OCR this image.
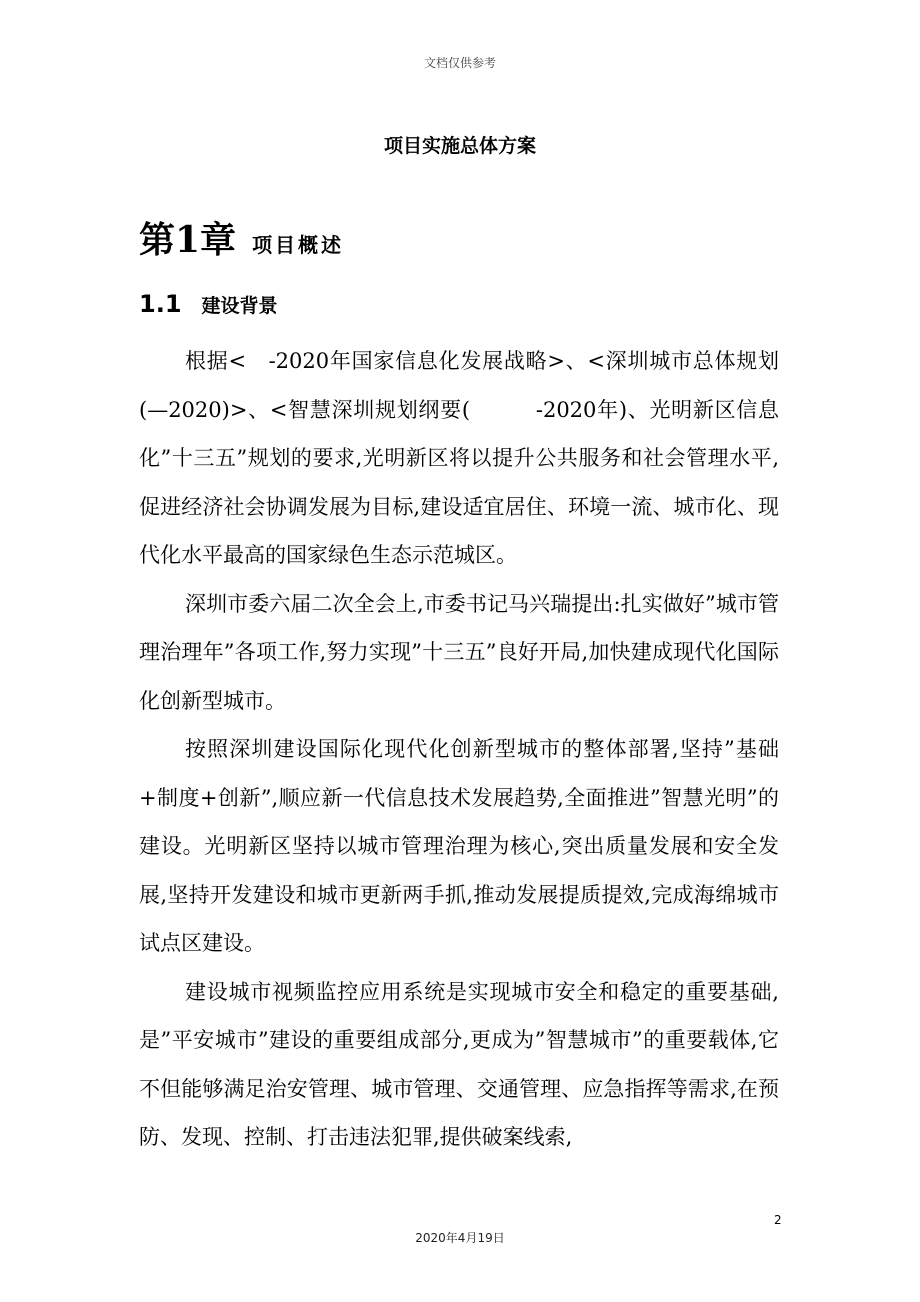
文档仅供参考
项目实施总体方案
第1章 项目概述
1.1 建设背景

根据<　-2020年国家信息化发展战略>、<深圳城市总体规划(—2020)>、<智慧深圳规划纲要(　　　-2020年)、光明新区信息化”十三五”规划的要求,光明新区将以提升公共服务和社会管理水平,促进经济社会协调发展为目标,建设适宜居住、环境一流、城市化、现代化水平最高的国家绿色生态示范城区。

深圳市委六届二次全会上,市委书记马兴瑞提出:扎实做好”城市管理治理年”各项工作,努力实现”十三五”良好开局,加快建成现代化国际化创新型城市。

按照深圳建设国际化现代化创新型城市的整体部署,坚持”基础+制度+创新”,顺应新一代信息技术发展趋势,全面推进”智慧光明”的建设。光明新区坚持以城市管理治理为核心,突出质量发展和安全发展,坚持开发建设和城市更新两手抓,推动发展提质提效,完成海绵城市试点区建设。

建设城市视频监控应用系统是实现城市安全和稳定的重要基础,是”平安城市”建设的重要组成部分,更成为”智慧城市”的重要载体,它不但能够满足治安管理、城市管理、交通管理、应急指挥等需求,在预防、发现、控制、打击违法犯罪,提供破案线索,

2
2020年4月19日
